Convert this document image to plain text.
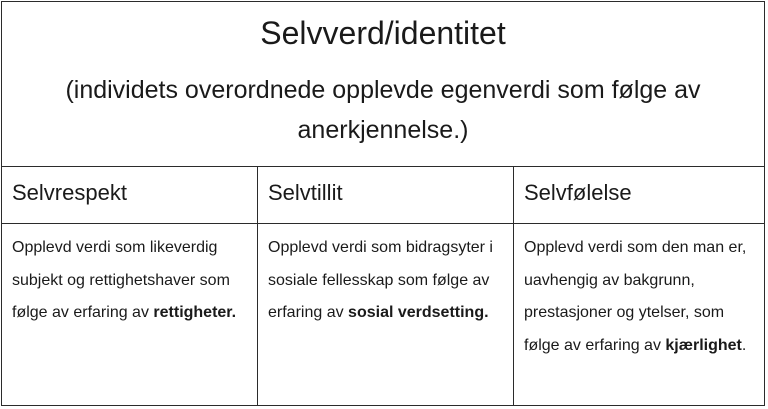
Selvverd/identitet
(individets overordnede opplevde egenverdi som følge av anerkjennelse.)
Selvrespekt
Opplevd verdi som likeverdig subjekt og rettighetshaver som følge av erfaring av rettigheter.
Selvtillit
Opplevd verdi som bidragsyter i sosiale fellesskap som følge av erfaring av sosial verdsetting.
Selvfølelse
Opplevd verdi som den man er, uavhengig av bakgrunn, prestasjoner og ytelser, som følge av erfaring av kjærlighet.
